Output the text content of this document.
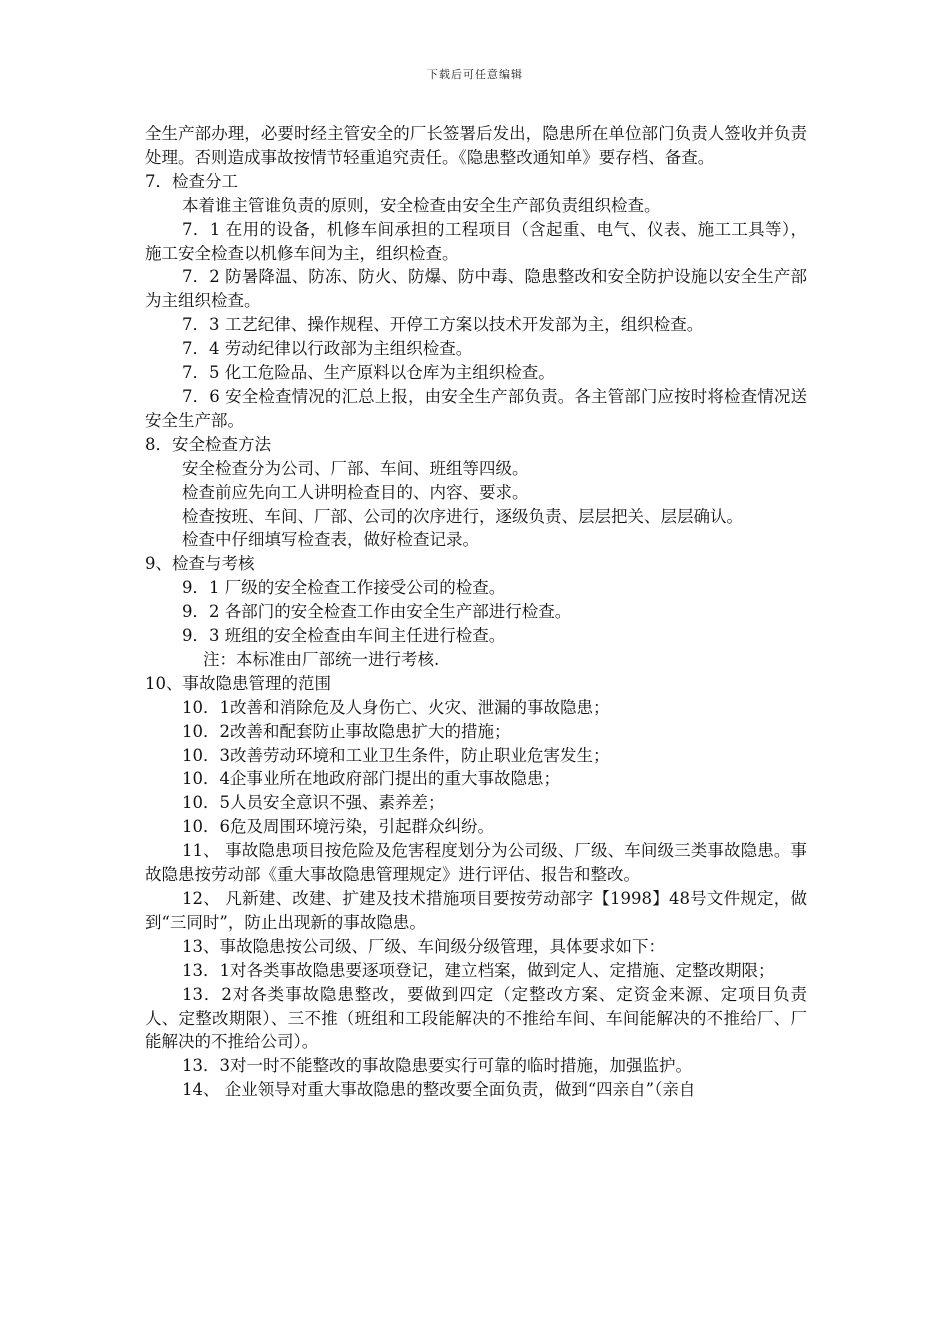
下载后可任意编辑

全生产部办理，必要时经主管安全的厂长签署后发出，隐患所在单位部门负责人签收并负责处理。否则造成事故按情节轻重追究责任。《隐患整改通知单》要存档、备查。

7．检查分工

本着谁主管谁负责的原则，安全检查由安全生产部负责组织检查。

7．1 在用的设备，机修车间承担的工程项目（含起重、电气、仪表、施工工具等），施工安全检查以机修车间为主，组织检查。

7．2 防暑降温、防冻、防火、防爆、防中毒、隐患整改和安全防护设施以安全生产部为主组织检查。

7．3 工艺纪律、操作规程、开停工方案以技术开发部为主，组织检查。

7．4 劳动纪律以行政部为主组织检查。

7．5 化工危险品、生产原料以仓库为主组织检查。

7．6 安全检查情况的汇总上报，由安全生产部负责。各主管部门应按时将检查情况送安全生产部。

8．安全检查方法

安全检查分为公司、厂部、车间、班组等四级。

检查前应先向工人讲明检查目的、内容、要求。

检查按班、车间、厂部、公司的次序进行，逐级负责、层层把关、层层确认。

检查中仔细填写检查表，做好检查记录。

9、检查与考核

9．1 厂级的安全检查工作接受公司的检查。

9．2 各部门的安全检查工作由安全生产部进行检查。

9．3 班组的安全检查由车间主任进行检查。

注：本标准由厂部统一进行考核.

10、事故隐患管理的范围

10．1改善和消除危及人身伤亡、火灾、泄漏的事故隐患；

10．2改善和配套防止事故隐患扩大的措施；

10．3改善劳动环境和工业卫生条件，防止职业危害发生；

10．4企事业所在地政府部门提出的重大事故隐患；

10．5人员安全意识不强、素养差；

10．6危及周围环境污染，引起群众纠纷。

11、 事故隐患项目按危险及危害程度划分为公司级、厂级、车间级三类事故隐患。事故隐患按劳动部《重大事故隐患管理规定》进行评估、报告和整改。

12、 凡新建、改建、扩建及技术措施项目要按劳动部字【1998】48号文件规定，做到“三同时”，防止出现新的事故隐患。

13、事故隐患按公司级、厂级、车间级分级管理，具体要求如下：

13．1对各类事故隐患要逐项登记，建立档案，做到定人、定措施、定整改期限；

13．2对各类事故隐患整改，要做到四定（定整改方案、定资金来源、定项目负责人、定整改期限）、三不推（班组和工段能解决的不推给车间、车间能解决的不推给厂、厂能解决的不推给公司）。

13．3对一时不能整改的事故隐患要实行可靠的临时措施，加强监护。

14、 企业领导对重大事故隐患的整改要全面负责，做到“四亲自”（亲自
